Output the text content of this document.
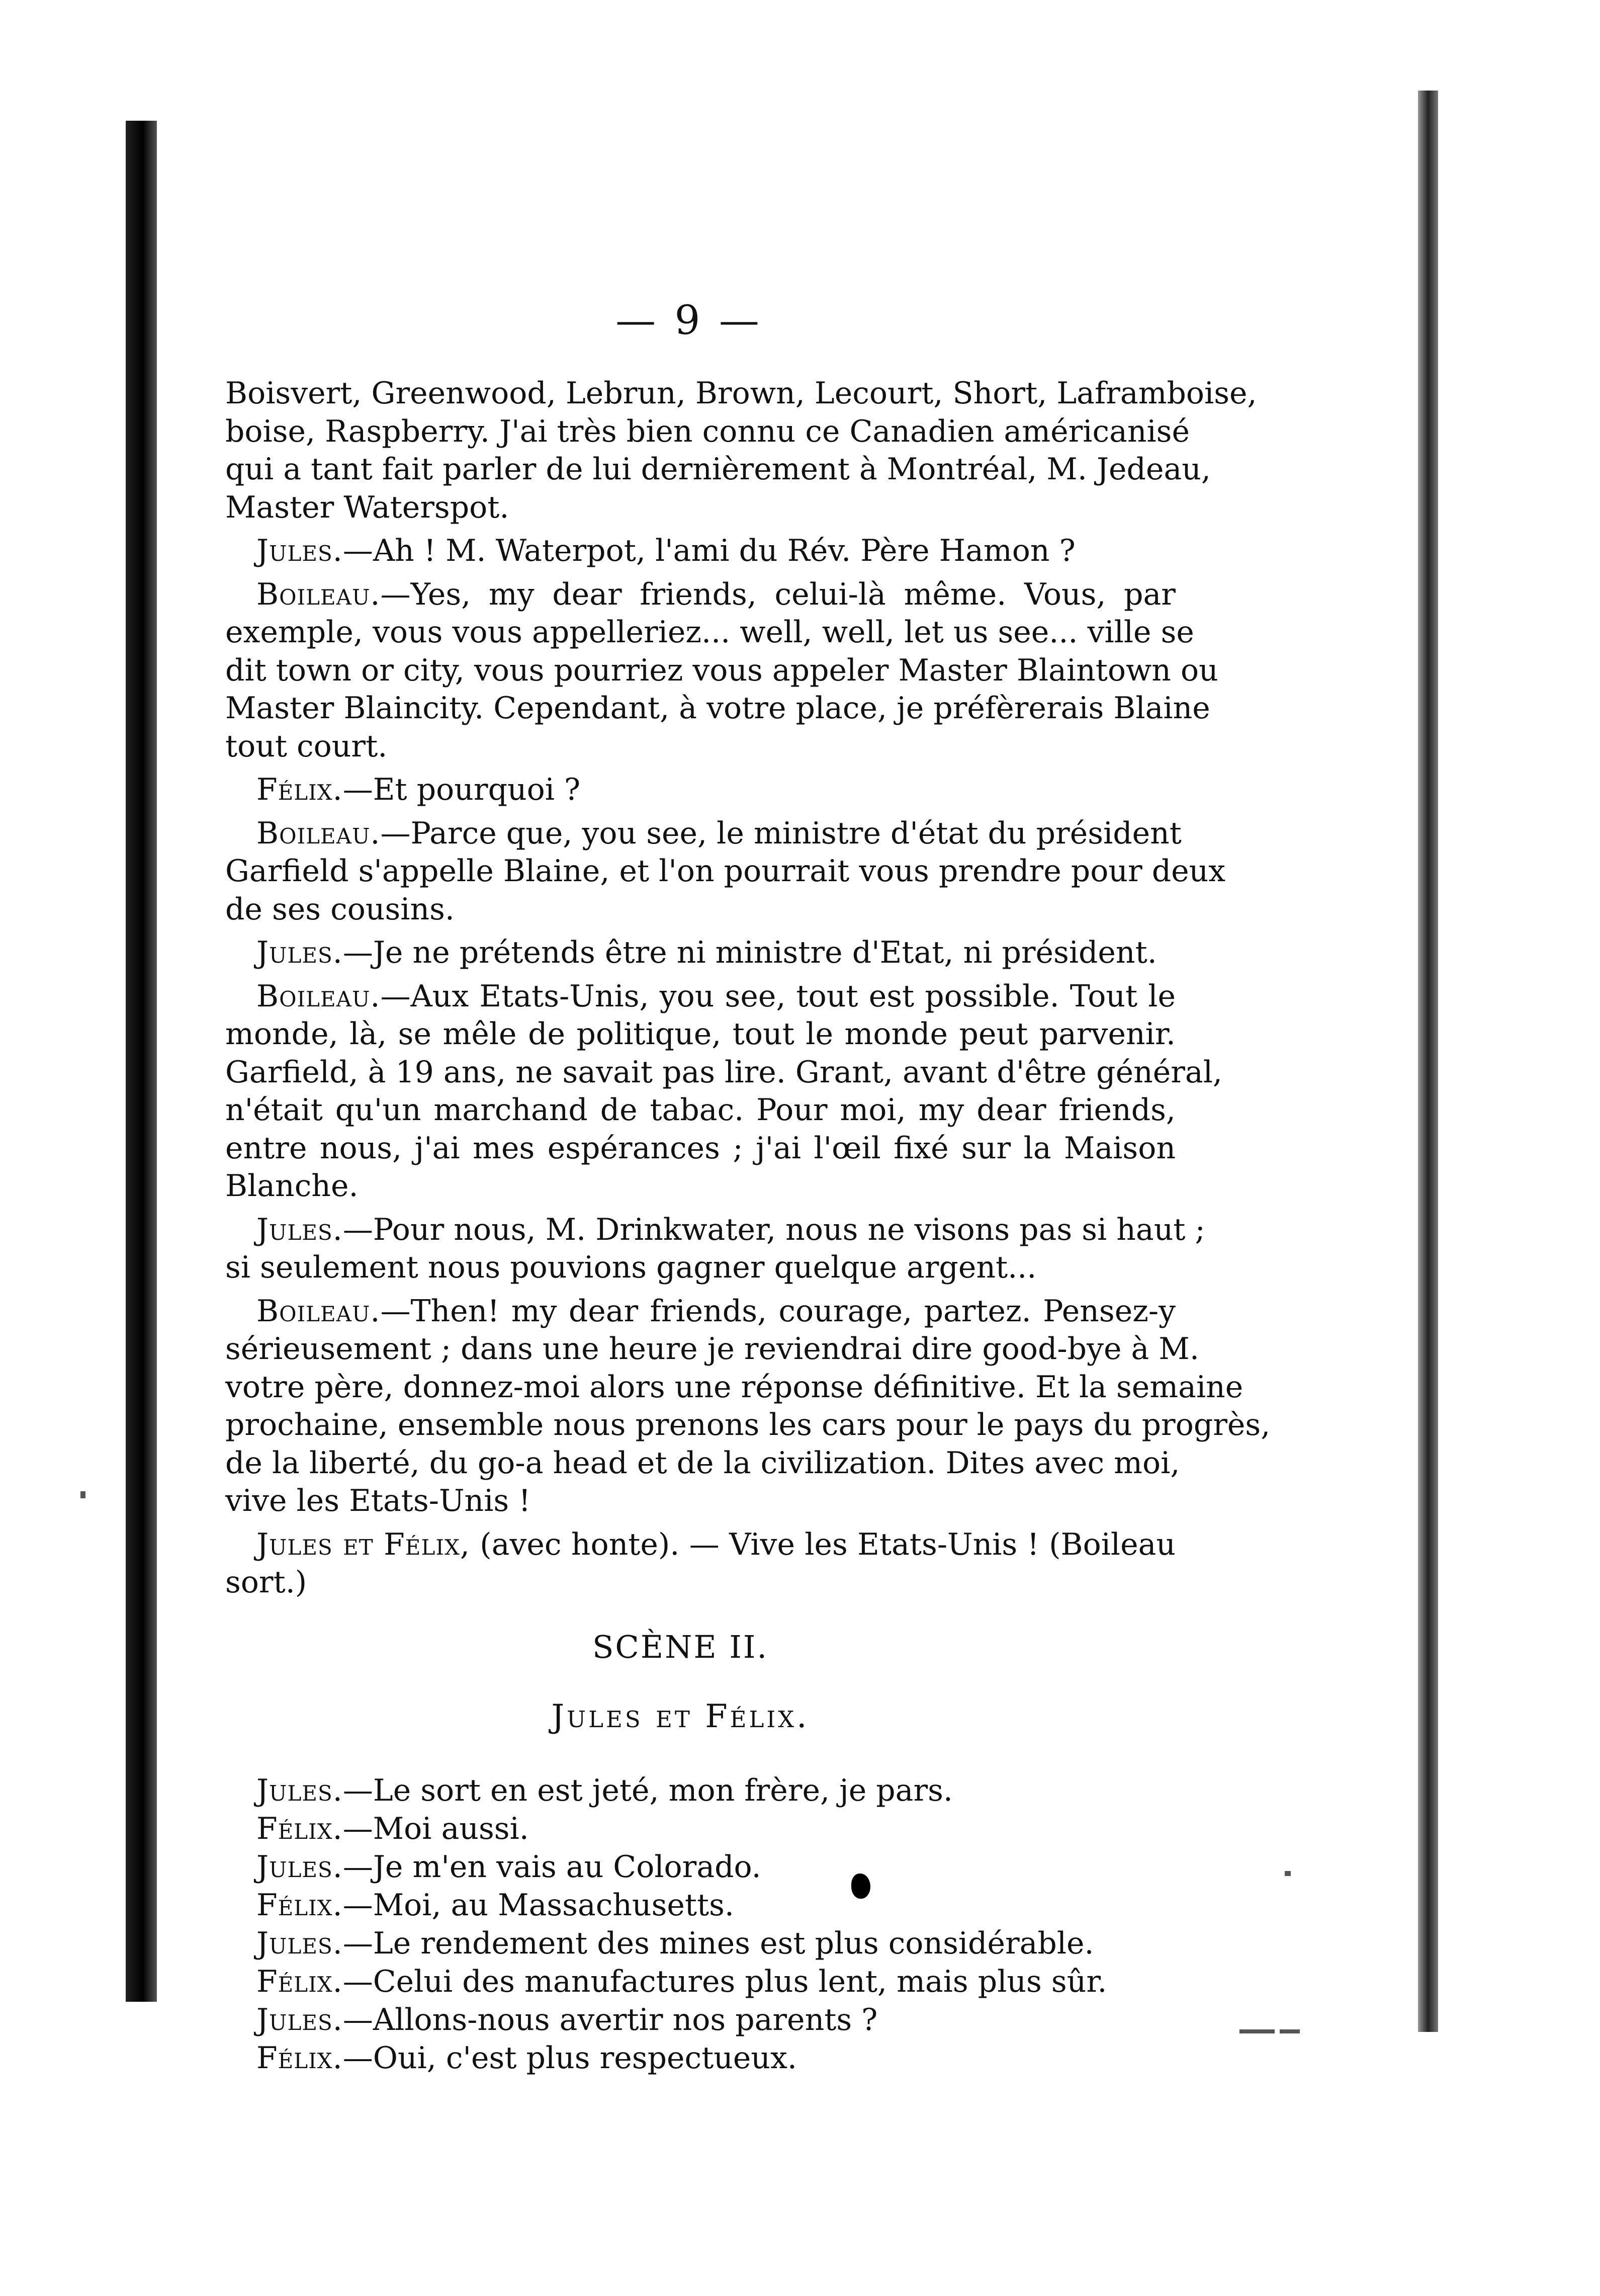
— 9 —
Boisvert, Greenwood, Lebrun, Brown, Lecourt, Short, Laframboise,
boise, Raspberry. J'ai très bien connu ce Canadien américanisé
qui a tant fait parler de lui dernièrement à Montréal, M. Jedeau,
Master Waterspot.
Jules.—Ah ! M. Waterpot, l'ami du Rév. Père Hamon ?
Boileau.—Yes, my dear friends, celui-là même. Vous, par
exemple, vous vous appelleriez... well, well, let us see... ville se
dit town or city, vous pourriez vous appeler Master Blaintown ou
Master Blaincity. Cependant, à votre place, je préfèrerais Blaine
tout court.
Félix.—Et pourquoi ?
Boileau.—Parce que, you see, le ministre d'état du président
Garfield s'appelle Blaine, et l'on pourrait vous prendre pour deux
de ses cousins.
Jules.—Je ne prétends être ni ministre d'Etat, ni président.
Boileau.—Aux Etats-Unis, you see, tout est possible. Tout le
monde, là, se mêle de politique, tout le monde peut parvenir.
Garfield, à 19 ans, ne savait pas lire. Grant, avant d'être général,
n'était qu'un marchand de tabac. Pour moi, my dear friends,
entre nous, j'ai mes espérances ; j'ai l'œil fixé sur la Maison
Blanche.
Jules.—Pour nous, M. Drinkwater, nous ne visons pas si haut ;
si seulement nous pouvions gagner quelque argent...
Boileau.—Then! my dear friends, courage, partez. Pensez-y
sérieusement ; dans une heure je reviendrai dire good-bye à M.
votre père, donnez-moi alors une réponse définitive. Et la semaine
prochaine, ensemble nous prenons les cars pour le pays du progrès,
de la liberté, du go-a head et de la civilization. Dites avec moi,
vive les Etats-Unis !
Jules et Félix, (avec honte). — Vive les Etats-Unis ! (Boileau
sort.)
SCÈNE II.
Jules et Félix.
Jules.—Le sort en est jeté, mon frère, je pars.
Félix.—Moi aussi.
Jules.—Je m'en vais au Colorado.
Félix.—Moi, au Massachusetts.
Jules.—Le rendement des mines est plus considérable.
Félix.—Celui des manufactures plus lent, mais plus sûr.
Jules.—Allons-nous avertir nos parents ?
Félix.—Oui, c'est plus respectueux.
